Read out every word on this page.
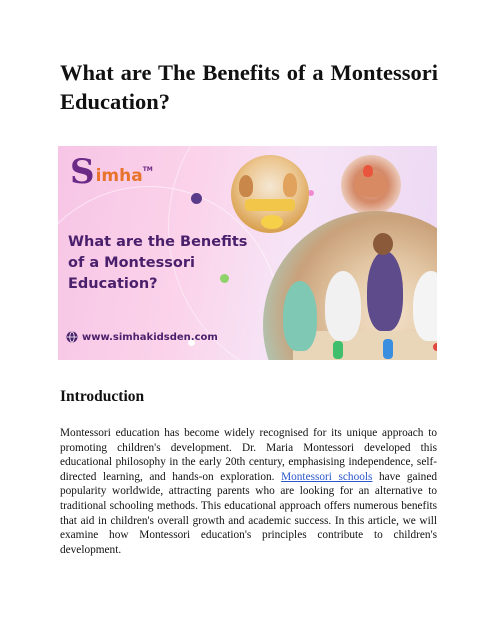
What are The Benefits of a Montessori Education?
S imha™
What are the Benefits of a Montessori Education?
www.simhakidsden.com
Introduction

Montessori education has become widely recognised for its unique approach to promoting children's development. Dr. Maria Montessori developed this educational philosophy in the early 20th century, emphasising independence, self-directed learning, and hands-on exploration. Montessori schools have gained popularity worldwide, attracting parents who are looking for an alternative to traditional schooling methods. This educational approach offers numerous benefits that aid in children's overall growth and academic success. In this article, we will examine how Montessori education's principles contribute to children's development.
